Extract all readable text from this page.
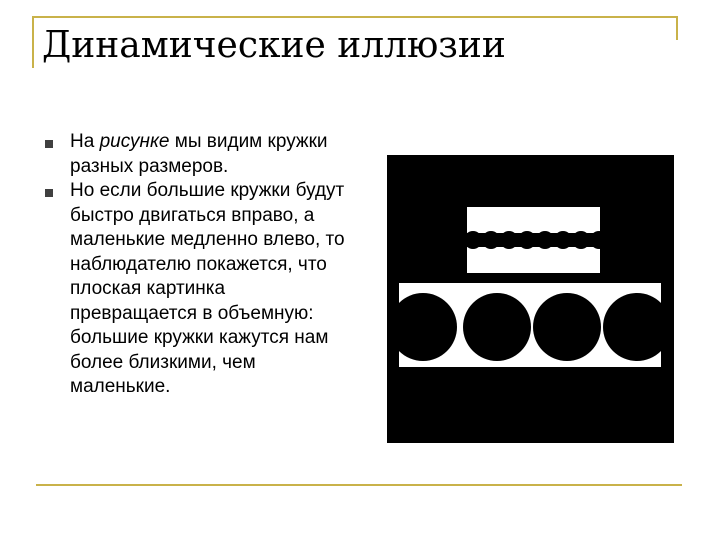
Динамические иллюзии
На рисунке мы видим кружки разных размеров.
Но если большие кружки будут быстро двигаться вправо, а маленькие медленно влево, то наблюдателю покажется, что плоская картинка превращается в объемную: большие кружки кажутся нам более близкими, чем маленькие.
